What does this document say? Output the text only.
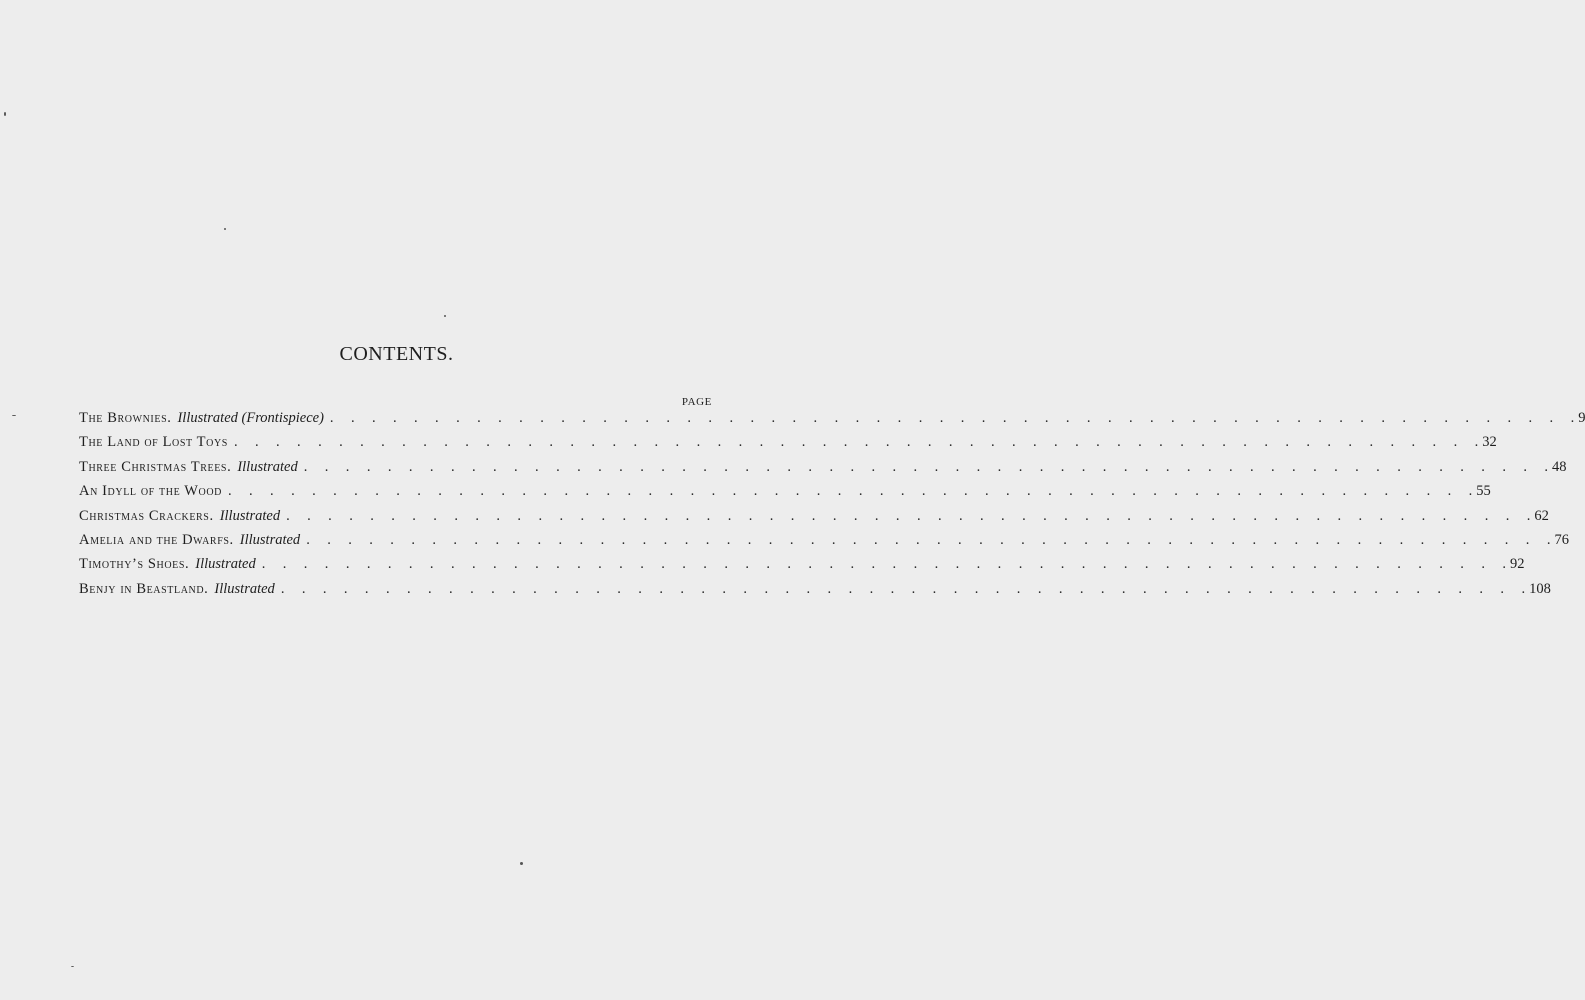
CONTENTS.
PAGE
The Brownies. Illustrated (Frontispiece) .  .  .  .  .  .  .  .  .  .  .  .  .  .  .  .  .  .  .  .  .  .  .  .  .  .  .  .  .  .  .  .  .  .  .  .  .  .  .  .  .  .  .  .  .  .  .  .  .  .  .  .  .  .  .  .  .  .  .  . 9
The Land of Lost Toys .  .  .  .  .  .  .  .  .  .  .  .  .  .  .  .  .  .  .  .  .  .  .  .  .  .  .  .  .  .  .  .  .  .  .  .  .  .  .  .  .  .  .  .  .  .  .  .  .  .  .  .  .  .  .  .  .  .  .  . 32
Three Christmas Trees. Illustrated .  .  .  .  .  .  .  .  .  .  .  .  .  .  .  .  .  .  .  .  .  .  .  .  .  .  .  .  .  .  .  .  .  .  .  .  .  .  .  .  .  .  .  .  .  .  .  .  .  .  .  .  .  .  .  .  .  .  .  . 48
An Idyll of the Wood .  .  .  .  .  .  .  .  .  .  .  .  .  .  .  .  .  .  .  .  .  .  .  .  .  .  .  .  .  .  .  .  .  .  .  .  .  .  .  .  .  .  .  .  .  .  .  .  .  .  .  .  .  .  .  .  .  .  .  . 55
Christmas Crackers. Illustrated .  .  .  .  .  .  .  .  .  .  .  .  .  .  .  .  .  .  .  .  .  .  .  .  .  .  .  .  .  .  .  .  .  .  .  .  .  .  .  .  .  .  .  .  .  .  .  .  .  .  .  .  .  .  .  .  .  .  .  . 62
Amelia and the Dwarfs. Illustrated .  .  .  .  .  .  .  .  .  .  .  .  .  .  .  .  .  .  .  .  .  .  .  .  .  .  .  .  .  .  .  .  .  .  .  .  .  .  .  .  .  .  .  .  .  .  .  .  .  .  .  .  .  .  .  .  .  .  .  . 76
Timothy’s Shoes. Illustrated .  .  .  .  .  .  .  .  .  .  .  .  .  .  .  .  .  .  .  .  .  .  .  .  .  .  .  .  .  .  .  .  .  .  .  .  .  .  .  .  .  .  .  .  .  .  .  .  .  .  .  .  .  .  .  .  .  .  .  . 92
Benjy in Beastland. Illustrated .  .  .  .  .  .  .  .  .  .  .  .  .  .  .  .  .  .  .  .  .  .  .  .  .  .  .  .  .  .  .  .  .  .  .  .  .  .  .  .  .  .  .  .  .  .  .  .  .  .  .  .  .  .  .  .  .  .  .  . 108
